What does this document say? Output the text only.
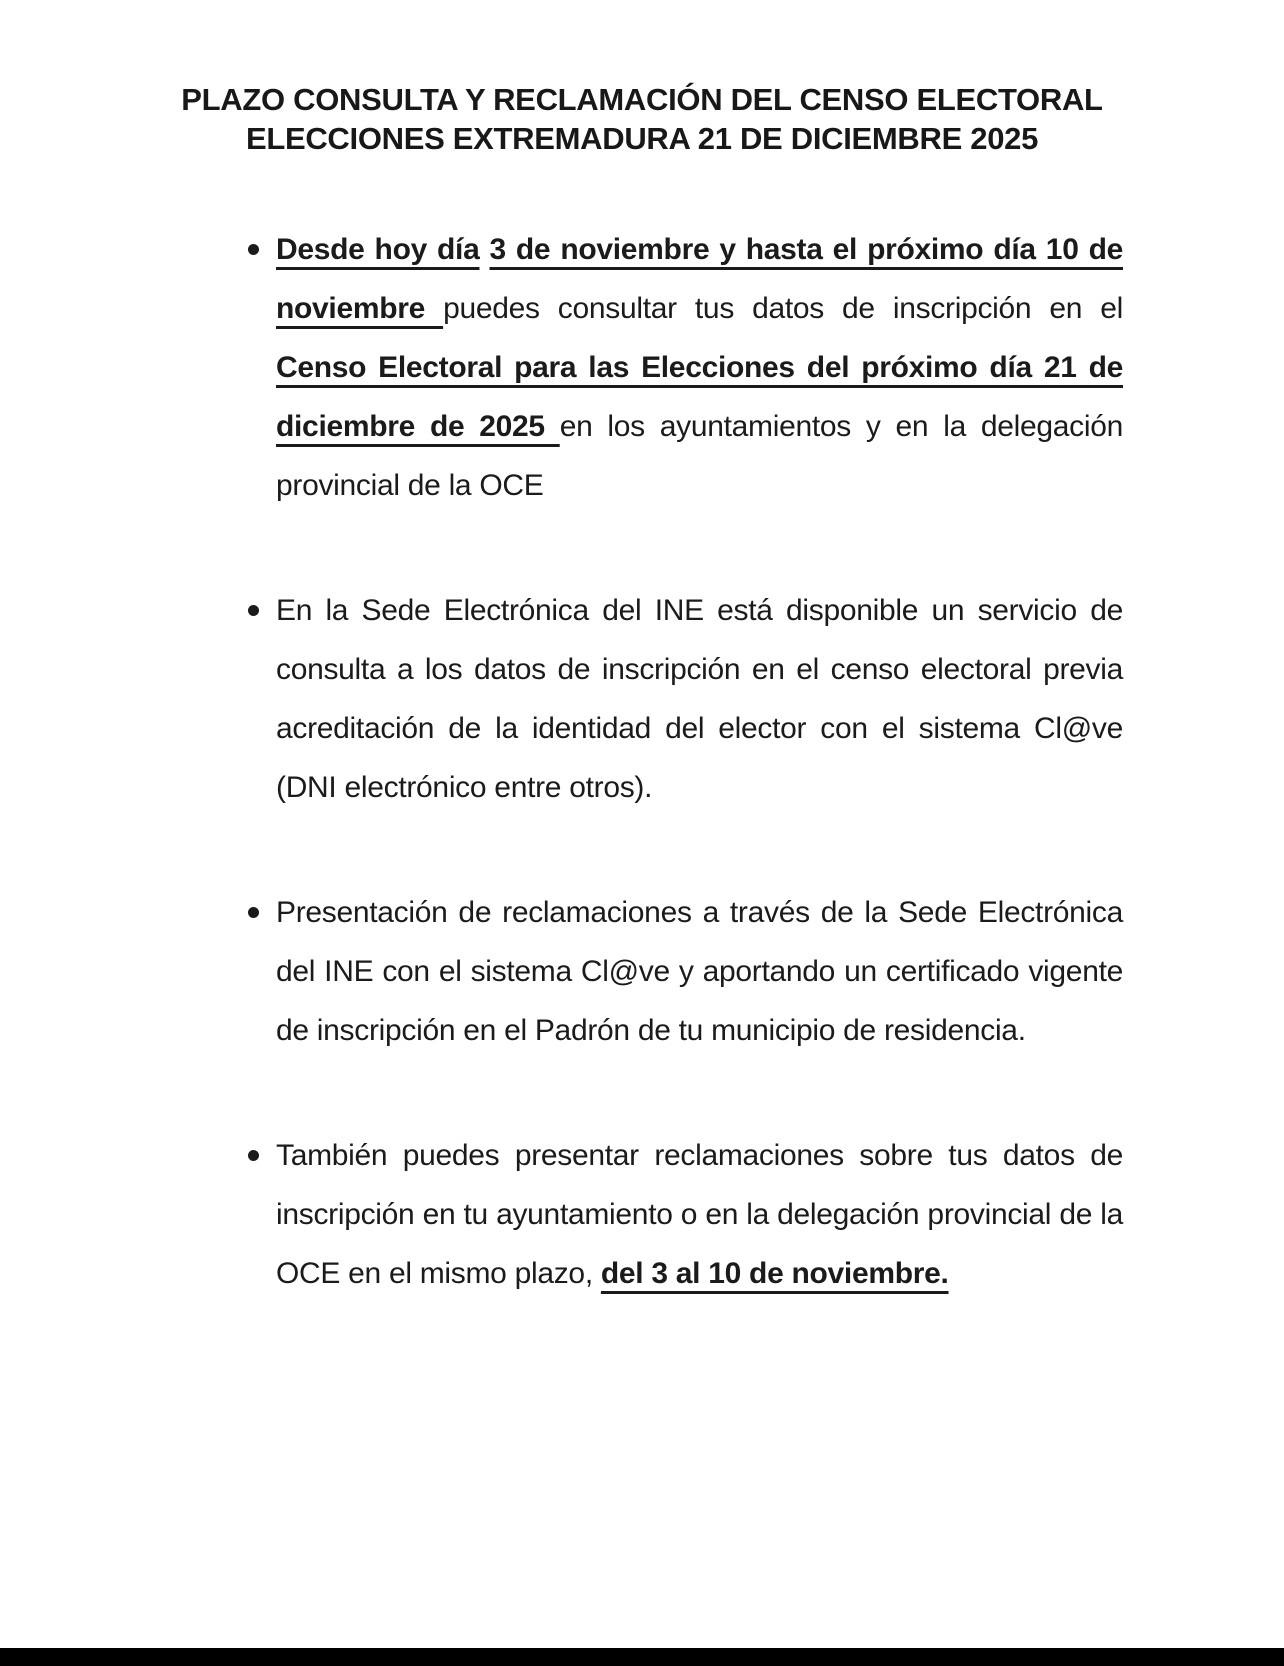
PLAZO CONSULTA Y RECLAMACIÓN DEL CENSO ELECTORAL
ELECCIONES EXTREMADURA 21 DE DICIEMBRE 2025
Desde hoy día 3 de noviembre y hasta el próximo día 10 de noviembre puedes consultar tus datos de inscripción en el Censo Electoral para las Elecciones del próximo día 21 de diciembre de 2025 en los ayuntamientos y en la delegación provincial de la OCE
En la Sede Electrónica del INE está disponible un servicio de consulta a los datos de inscripción en el censo electoral previa acreditación de la identidad del elector con el sistema Cl@ve (DNI electrónico entre otros).
Presentación de reclamaciones a través de la Sede Electrónica del INE con el sistema Cl@ve y aportando un certificado vigente de inscripción en el Padrón de tu municipio de residencia.
También puedes presentar reclamaciones sobre tus datos de inscripción en tu ayuntamiento o en la delegación provincial de la OCE en el mismo plazo, del 3 al 10 de noviembre.
